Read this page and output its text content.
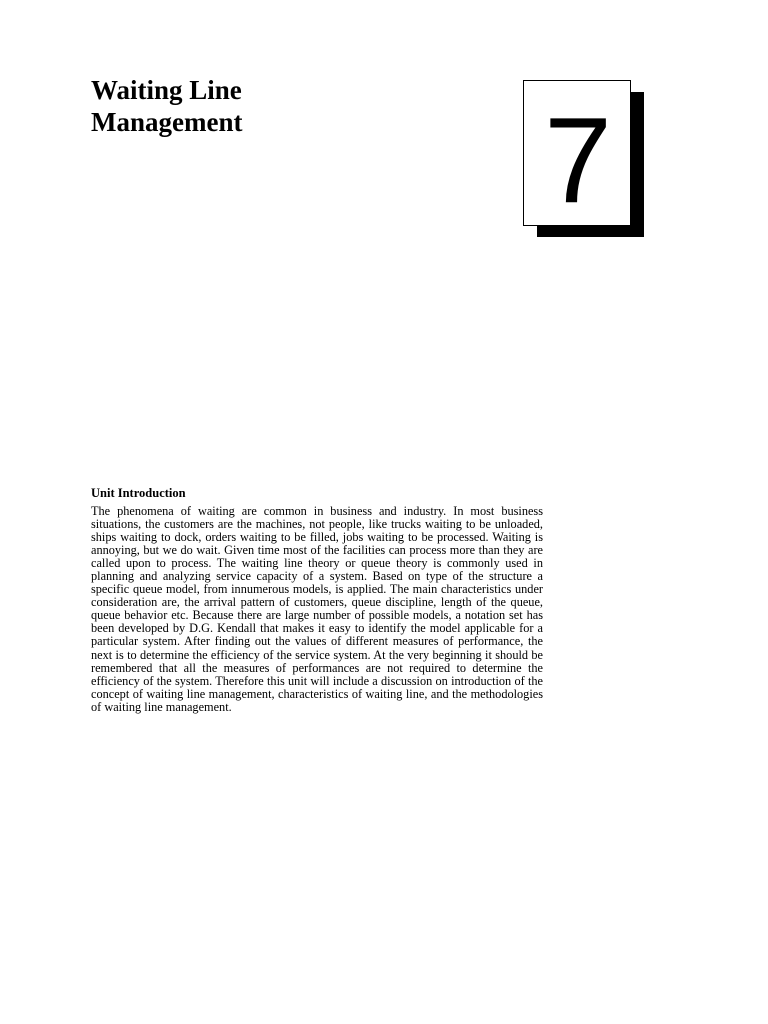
Waiting Line
Management	7
Unit Introduction

The phenomena of waiting are common in business and industry. In most business situations, the customers are the machines, not people, like trucks waiting to be unloaded, ships waiting to dock, orders waiting to be filled, jobs waiting to be processed. Waiting is annoying, but we do wait. Given time most of the facilities can process more than they are called upon to process. The waiting line theory or queue theory is commonly used in planning and analyzing service capacity of a system. Based on type of the structure a specific queue model, from innumerous models, is applied. The main characteristics under consideration are, the arrival pattern of customers, queue discipline, length of the queue, queue behavior etc. Because there are large number of possible models, a notation set has been developed by D.G. Kendall that makes it easy to identify the model applicable for a particular system. After finding out the values of different measures of performance, the next is to determine the efficiency of the service system. At the very beginning it should be remembered that all the measures of performances are not required to determine the efficiency of the system. Therefore this unit will include a discussion on introduction of the concept of waiting line management, characteristics of waiting line, and the methodologies of waiting line management.
